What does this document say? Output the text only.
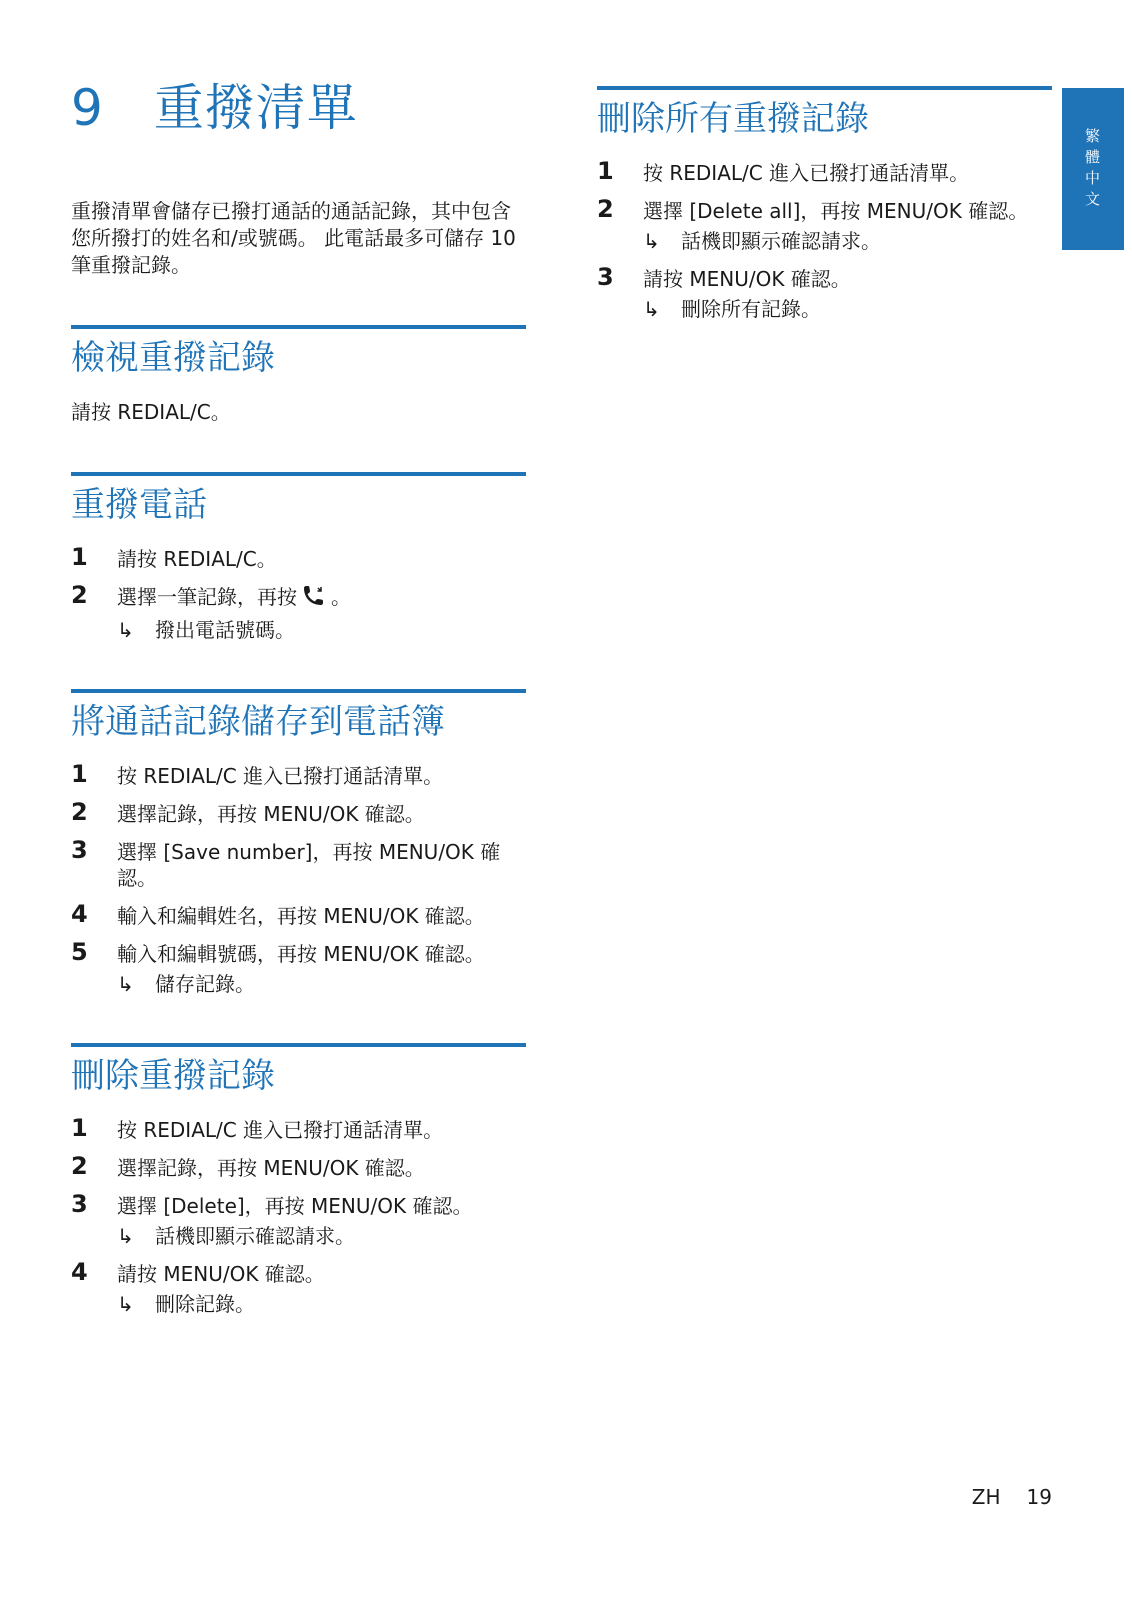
9 重撥清單

重撥清單會儲存已撥打通話的通話記錄，其中包含您所撥打的姓名和/或號碼。 此電話最多可儲存 10 筆重撥記錄。

檢視重撥記錄

請按 REDIAL/C。

重撥電話
1 請按 REDIAL/C。
2 選擇一筆記錄，再按 。
↳ 撥出電話號碼。
將通話記錄儲存到電話簿
1 按 REDIAL/C 進入已撥打通話清單。
2 選擇記錄，再按 MENU/OK 確認。
3 選擇 [Save number]，再按 MENU/OK 確認。
4 輸入和編輯姓名，再按 MENU/OK 確認。
5 輸入和編輯號碼，再按 MENU/OK 確認。
↳ 儲存記錄。
刪除重撥記錄
1 按 REDIAL/C 進入已撥打通話清單。
2 選擇記錄，再按 MENU/OK 確認。
3 選擇 [Delete]，再按 MENU/OK 確認。
↳ 話機即顯示確認請求。
4 請按 MENU/OK 確認。
↳ 刪除記錄。
刪除所有重撥記錄
1 按 REDIAL/C 進入已撥打通話清單。
2 選擇 [Delete all]，再按 MENU/OK 確認。
↳ 話機即顯示確認請求。
3 請按 MENU/OK 確認。
↳ 刪除所有記錄。
繁體中文
ZH 19
